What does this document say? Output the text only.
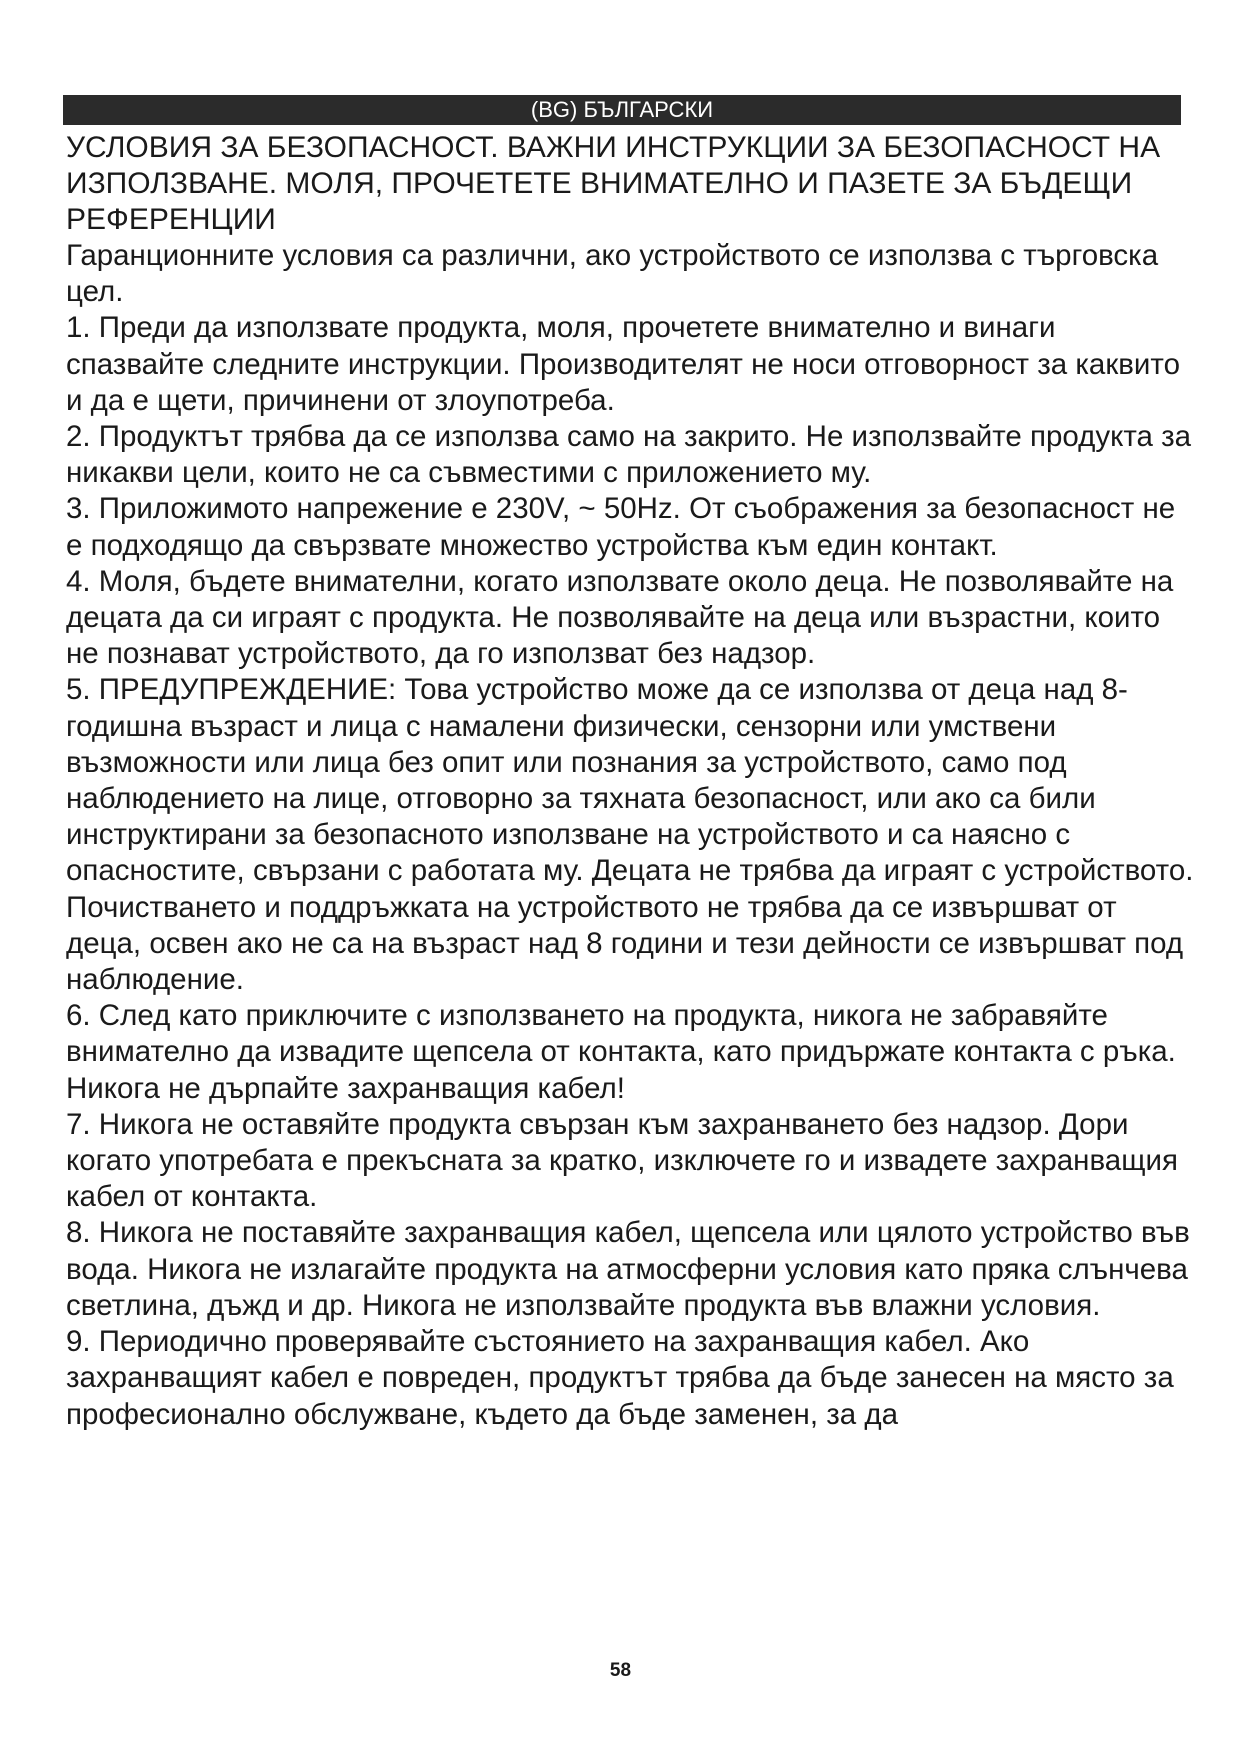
(BG) БЪЛГАРСКИ
УСЛОВИЯ ЗА БЕЗОПАСНОСТ. ВАЖНИ ИНСТРУКЦИИ ЗА БЕЗОПАСНОСТ НА ИЗПОЛЗВАНЕ. МОЛЯ, ПРОЧЕТЕТЕ ВНИМАТЕЛНО И ПАЗЕТЕ ЗА БЪДЕЩИ РЕФЕРЕНЦИИ

Гаранционните условия са различни, ако устройството се използва с търговска цел.

1. Преди да използвате продукта, моля, прочетете внимателно и винаги спазвайте следните инструкции. Производителят не носи отговорност за каквито и да е щети, причинени от злоупотреба.

2. Продуктът трябва да се използва само на закрито. Не използвайте продукта за никакви цели, които не са съвместими с приложението му.

3. Приложимото напрежение е 230V, ~ 50Hz. От съображения за безопасност не е подходящо да свързвате множество устройства към един контакт.

4. Моля, бъдете внимателни, когато използвате около деца. Не позволявайте на децата да си играят с продукта. Не позволявайте на деца или възрастни, които не познават устройството, да го използват без надзор.

5. ПРЕДУПРЕЖДЕНИЕ: Това устройство може да се използва от деца над 8-годишна възраст и лица с намалени физически, сензорни или умствени възможности или лица без опит или познания за устройството, само под наблюдението на лице, отговорно за тяхната безопасност, или ако са били инструктирани за безопасното използване на устройството и са наясно с опасностите, свързани с работата му. Децата не трябва да играят с устройството. Почистването и поддръжката на устройството не трябва да се извършват от деца, освен ако не са на възраст над 8 години и тези дейности се извършват под наблюдение.

6. След като приключите с използването на продукта, никога не забравяйте внимателно да извадите щепсела от контакта, като придържате контакта с ръка. Никога не дърпайте захранващия кабел!

7. Никога не оставяйте продукта свързан към захранването без надзор. Дори когато употребата е прекъсната за кратко, изключете го и извадете захранващия кабел от контакта.

8. Никога не поставяйте захранващия кабел, щепсела или цялото устройство във вода. Никога не излагайте продукта на атмосферни условия като пряка слънчева светлина, дъжд и др. Никога не използвайте продукта във влажни условия.

9. Периодично проверявайте състоянието на захранващия кабел. Ако захранващият кабел е повреден, продуктът трябва да бъде занесен на място за професионално обслужване, където да бъде заменен, за да

58
